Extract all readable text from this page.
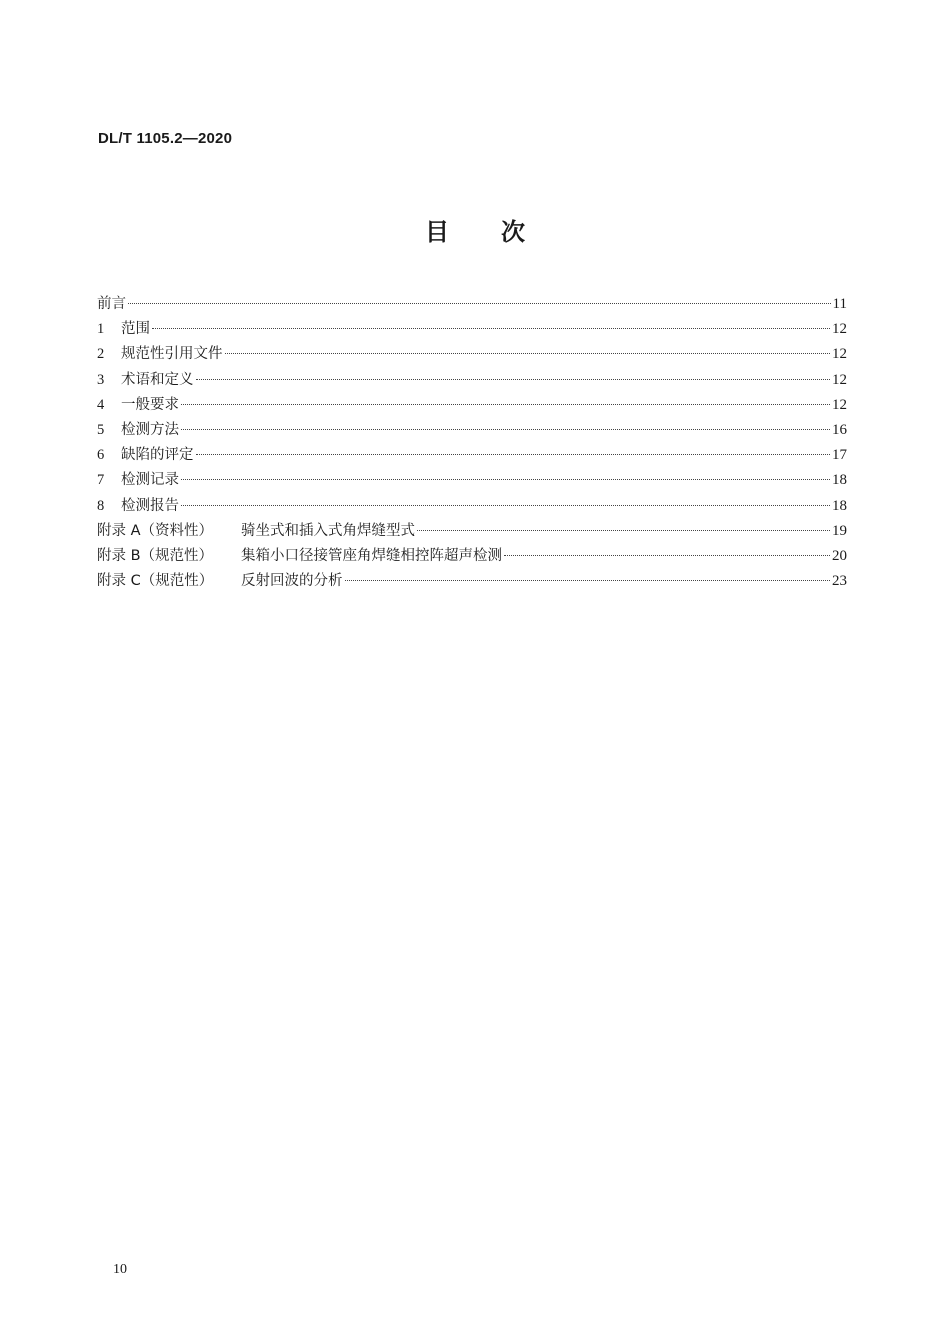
DL/T 1105.2—2020
目 次
前言	11
1	范围	12
2	规范性引用文件	12
3	术语和定义	12
4	一般要求	12
5	检测方法	16
6	缺陷的评定	17
7	检测记录	18
8	检测报告	18
附录 A（资料性）	骑坐式和插入式角焊缝型式	19
附录 B（规范性）	集箱小口径接管座角焊缝相控阵超声检测	20
附录 C（规范性）	反射回波的分析	23
10
